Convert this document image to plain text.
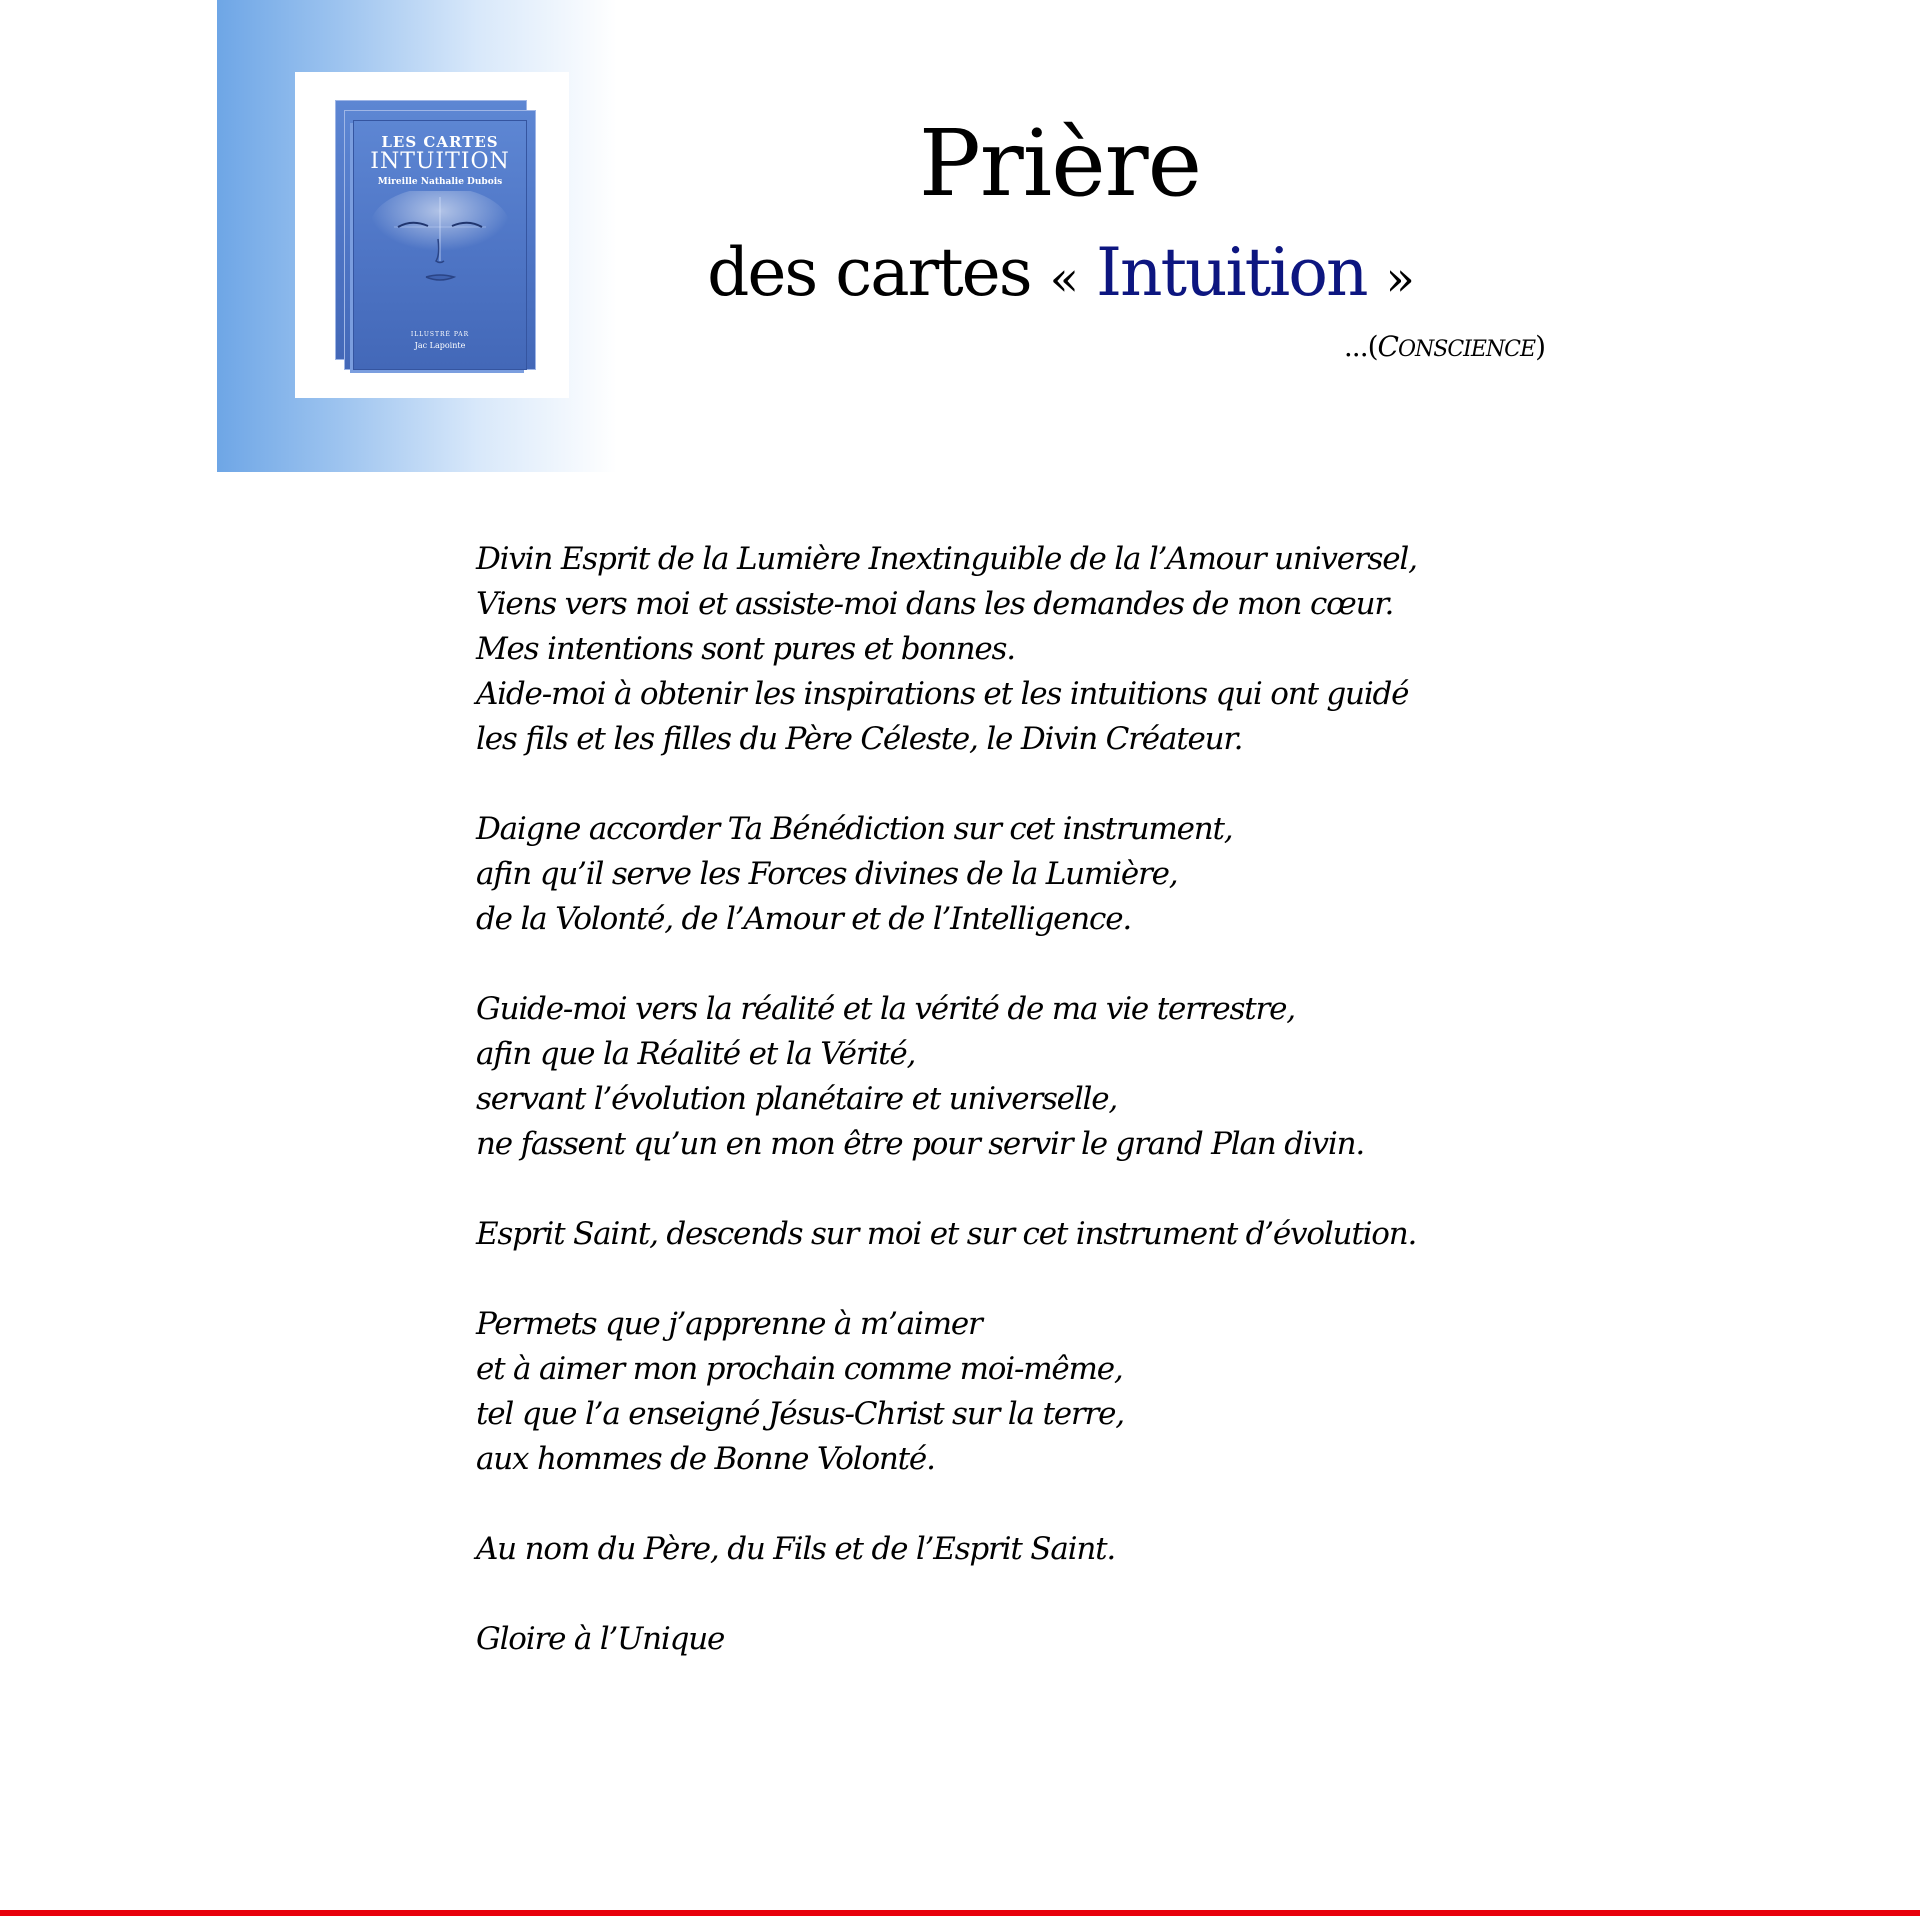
LES CARTES
INTUITION
Mireille Nathalie Dubois
ILLUSTRÉ PAR
Jac Lapointe
Prière
des cartes « Intuition »
...(CONSCIENCE)
Divin Esprit de la Lumière Inextinguible de la l’Amour universel,
Viens vers moi et assiste-moi dans les demandes de mon cœur.
Mes intentions sont pures et bonnes.
Aide-moi à obtenir les inspirations et les intuitions qui ont guidé
les fils et les filles du Père Céleste, le Divin Créateur.
Daigne accorder Ta Bénédiction sur cet instrument,
afin qu’il serve les Forces divines de la Lumière,
de la Volonté, de l’Amour et de l’Intelligence.
Guide-moi vers la réalité et la vérité de ma vie terrestre,
afin que la Réalité et la Vérité,
servant l’évolution planétaire et universelle,
ne fassent qu’un en mon être pour servir le grand Plan divin.
Esprit Saint, descends sur moi et sur cet instrument d’évolution.
Permets que j’apprenne à m’aimer
et à aimer mon prochain comme moi-même,
tel que l’a enseigné Jésus-Christ sur la terre,
aux hommes de Bonne Volonté.
Au nom du Père, du Fils et de l’Esprit Saint.
Gloire à l’Unique
